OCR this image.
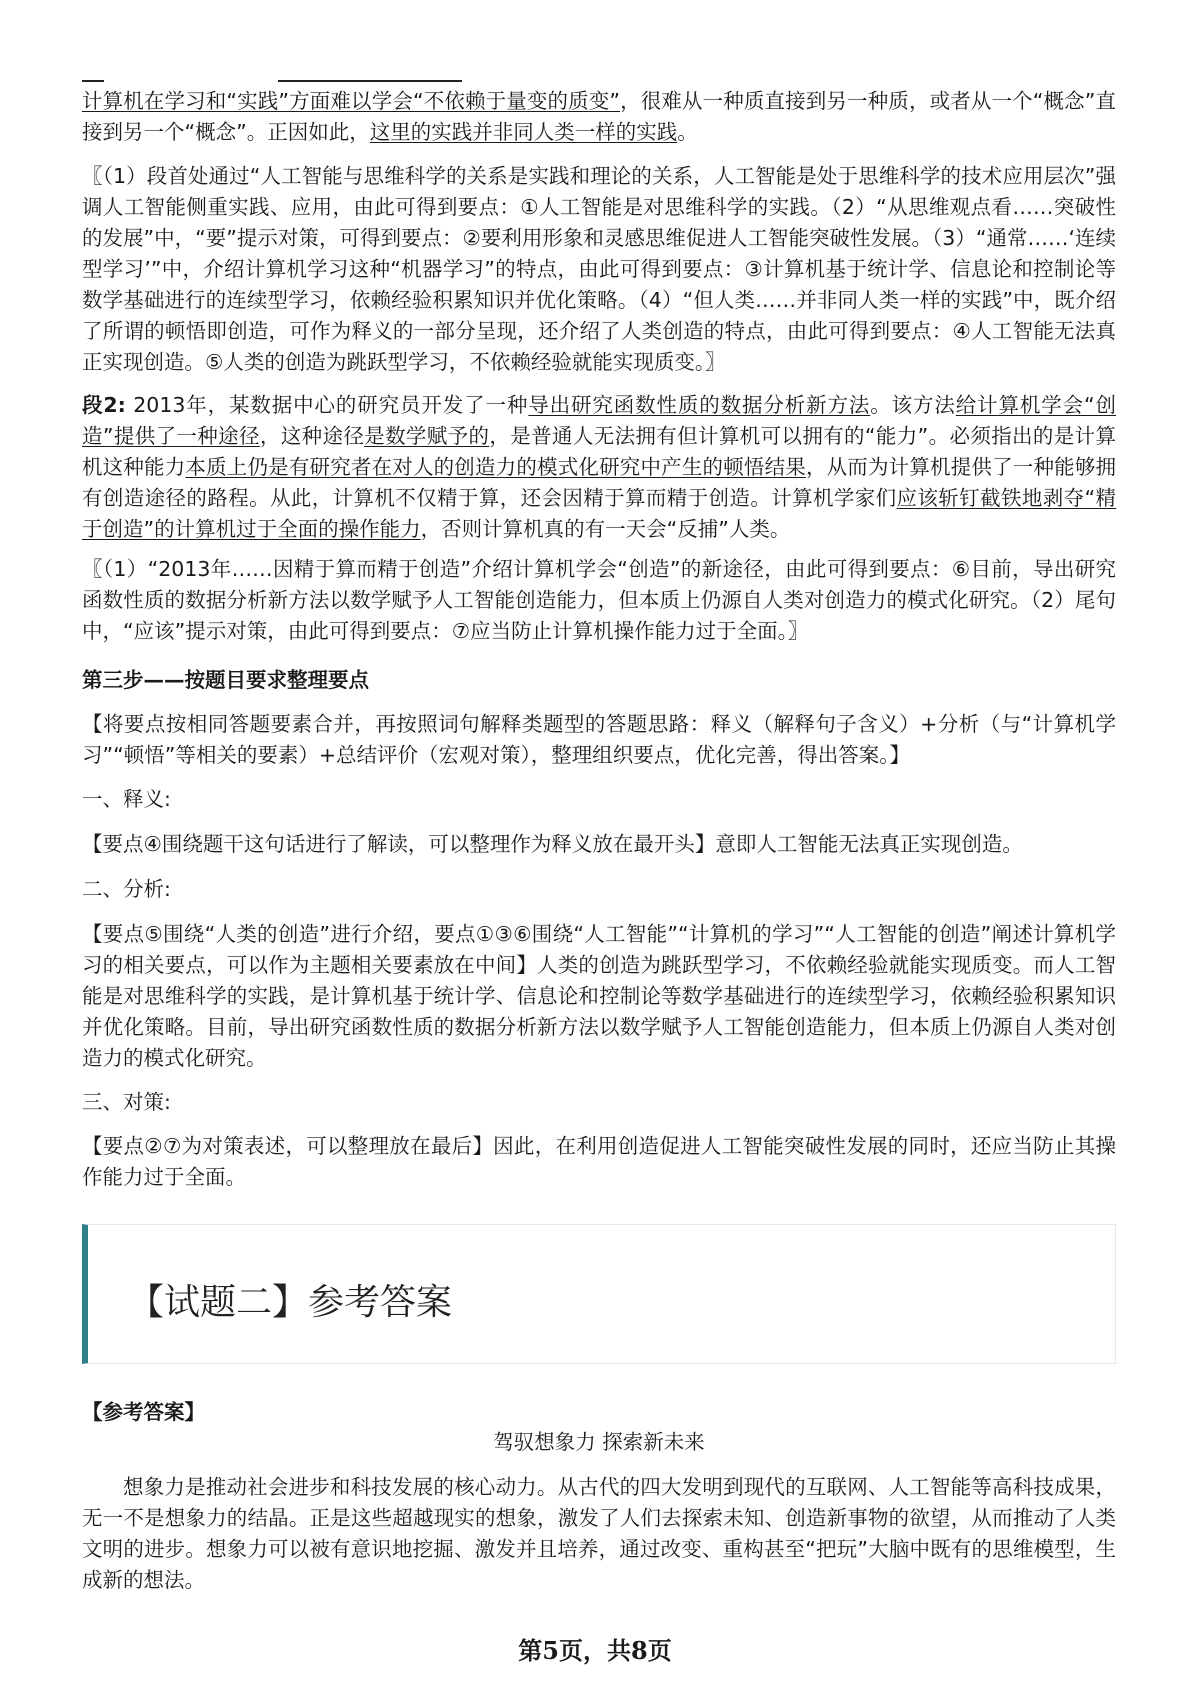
计算机在学习和“实践”方面难以学会“不依赖于量变的质变”，很难从一种质直接到另一种质，或者从一个“概念”直接到另一个“概念”。正因如此，这里的实践并非同人类一样的实践。

〖（1）段首处通过“人工智能与思维科学的关系是实践和理论的关系，人工智能是处于思维科学的技术应用层次”强调人工智能侧重实践、应用，由此可得到要点：①人工智能是对思维科学的实践。（2）“从思维观点看……突破性的发展”中，“要”提示对策，可得到要点：②要利用形象和灵感思维促进人工智能突破性发展。（3）“通常……‘连续型学习’”中，介绍计算机学习这种“机器学习”的特点，由此可得到要点：③计算机基于统计学、信息论和控制论等数学基础进行的连续型学习，依赖经验积累知识并优化策略。（4）“但人类……并非同人类一样的实践”中，既介绍了所谓的顿悟即创造，可作为释义的一部分呈现，还介绍了人类创造的特点，由此可得到要点：④人工智能无法真正实现创造。⑤人类的创造为跳跃型学习，不依赖经验就能实现质变。〗

段2: 2013年，某数据中心的研究员开发了一种导出研究函数性质的数据分析新方法。该方法给计算机学会“创造”提供了一种途径，这种途径是数学赋予的，是普通人无法拥有但计算机可以拥有的“能力”。必须指出的是计算机这种能力本质上仍是有研究者在对人的创造力的模式化研究中产生的顿悟结果，从而为计算机提供了一种能够拥有创造途径的路程。从此，计算机不仅精于算，还会因精于算而精于创造。计算机学家们应该斩钉截铁地剥夺“精于创造”的计算机过于全面的操作能力，否则计算机真的有一天会“反捕”人类。

〖（1）“2013年……因精于算而精于创造”介绍计算机学会“创造”的新途径，由此可得到要点：⑥目前，导出研究函数性质的数据分析新方法以数学赋予人工智能创造能力，但本质上仍源自人类对创造力的模式化研究。（2）尾句中，“应该”提示对策，由此可得到要点：⑦应当防止计算机操作能力过于全面。〗

第三步——按题目要求整理要点

【将要点按相同答题要素合并，再按照词句解释类题型的答题思路：释义（解释句子含义）+分析（与“计算机学习”“顿悟”等相关的要素）+总结评价（宏观对策），整理组织要点，优化完善，得出答案。】

一、释义:

【要点④围绕题干这句话进行了解读，可以整理作为释义放在最开头】意即人工智能无法真正实现创造。

二、分析:

【要点⑤围绕“人类的创造”进行介绍，要点①③⑥围绕“人工智能”“计算机的学习”“人工智能的创造”阐述计算机学习的相关要点，可以作为主题相关要素放在中间】人类的创造为跳跃型学习，不依赖经验就能实现质变。而人工智能是对思维科学的实践，是计算机基于统计学、信息论和控制论等数学基础进行的连续型学习，依赖经验积累知识并优化策略。目前，导出研究函数性质的数据分析新方法以数学赋予人工智能创造能力，但本质上仍源自人类对创造力的模式化研究。

三、对策:

【要点②⑦为对策表述，可以整理放在最后】因此，在利用创造促进人工智能突破性发展的同时，还应当防止其操作能力过于全面。

【试题二】参考答案

【参考答案】

驾驭想象力 探索新未来

想象力是推动社会进步和科技发展的核心动力。从古代的四大发明到现代的互联网、人工智能等高科技成果，无一不是想象力的结晶。正是这些超越现实的想象，激发了人们去探索未知、创造新事物的欲望，从而推动了人类文明的进步。想象力可以被有意识地挖掘、激发并且培养，通过改变、重构甚至“把玩”大脑中既有的思维模型，生成新的想法。

第5页，共8页
